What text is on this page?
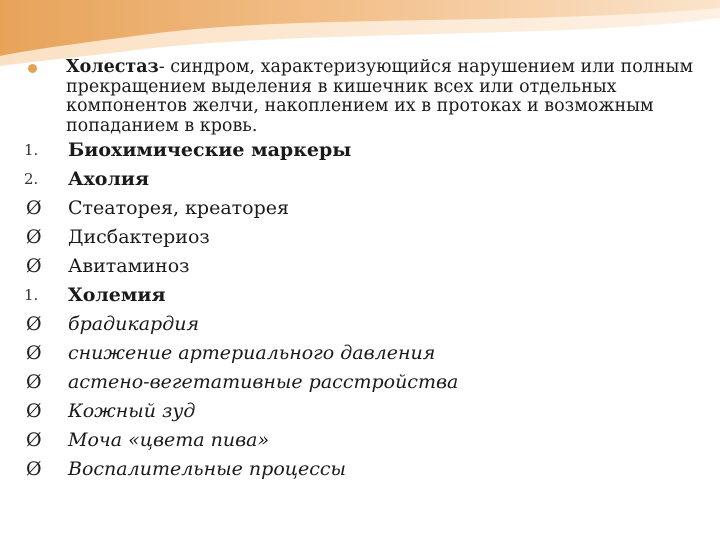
Холестаз- синдром, характеризующийся нарушением или полным прекращением выделения в кишечник всех или отдельных компонентов желчи, накоплением их в протоках и возможным попаданием в кровь.
1.	Биохимические маркеры
2.	Ахолия
Ø	Стеаторея, креаторея
Ø	Дисбактериоз
Ø	Авитаминоз
1.	Холемия
Ø	брадикардия
Ø	снижение артериального давления
Ø	астено-вегетативные расстройства
Ø	Кожный зуд
Ø	Моча «цвета пива»
Ø	Воспалительные процессы
